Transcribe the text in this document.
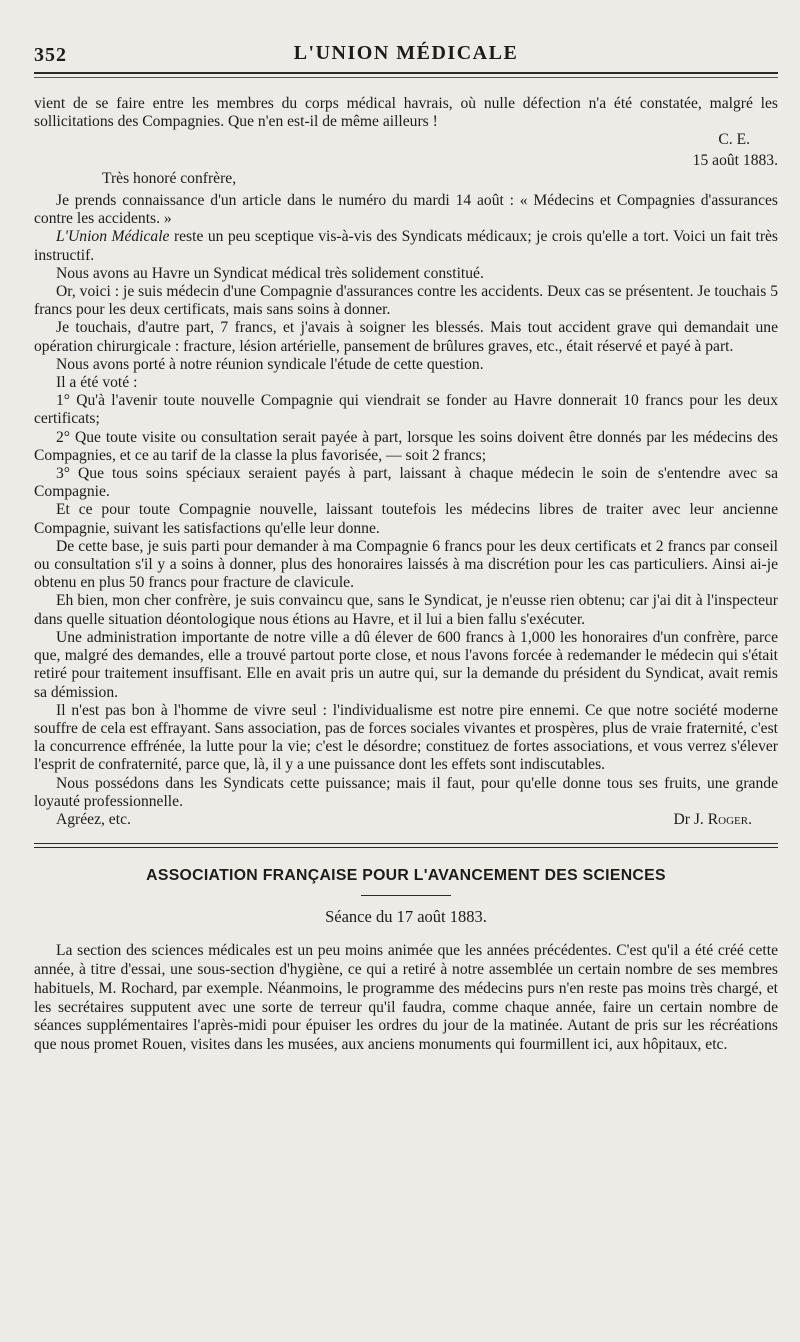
352	L'UNION MÉDICALE

vient de se faire entre les membres du corps médical havrais, où nulle défection n'a été constatée, malgré les sollicitations des Compagnies. Que n'en est-il de même ailleurs !

C. E.

15 août 1883.

Très honoré confrère,

Je prends connaissance d'un article dans le numéro du mardi 14 août : « Médecins et Compagnies d'assurances contre les accidents. »

L'Union Médicale reste un peu sceptique vis-à-vis des Syndicats médicaux; je crois qu'elle a tort. Voici un fait très instructif.

Nous avons au Havre un Syndicat médical très solidement constitué.

Or, voici : je suis médecin d'une Compagnie d'assurances contre les accidents. Deux cas se présentent. Je touchais 5 francs pour les deux certificats, mais sans soins à donner.

Je touchais, d'autre part, 7 francs, et j'avais à soigner les blessés. Mais tout accident grave qui demandait une opération chirurgicale : fracture, lésion artérielle, pansement de brûlures graves, etc., était réservé et payé à part.

Nous avons porté à notre réunion syndicale l'étude de cette question.

Il a été voté :

1° Qu'à l'avenir toute nouvelle Compagnie qui viendrait se fonder au Havre donnerait 10 francs pour les deux certificats;

2° Que toute visite ou consultation serait payée à part, lorsque les soins doivent être donnés par les médecins des Compagnies, et ce au tarif de la classe la plus favorisée, — soit 2 francs;

3° Que tous soins spéciaux seraient payés à part, laissant à chaque médecin le soin de s'entendre avec sa Compagnie.

Et ce pour toute Compagnie nouvelle, laissant toutefois les médecins libres de traiter avec leur ancienne Compagnie, suivant les satisfactions qu'elle leur donne.

De cette base, je suis parti pour demander à ma Compagnie 6 francs pour les deux certificats et 2 francs par conseil ou consultation s'il y a soins à donner, plus des honoraires laissés à ma discrétion pour les cas particuliers. Ainsi ai-je obtenu en plus 50 francs pour fracture de clavicule.

Eh bien, mon cher confrère, je suis convaincu que, sans le Syndicat, je n'eusse rien obtenu; car j'ai dit à l'inspecteur dans quelle situation déontologique nous étions au Havre, et il lui a bien fallu s'exécuter.

Une administration importante de notre ville a dû élever de 600 francs à 1,000 les honoraires d'un confrère, parce que, malgré des demandes, elle a trouvé partout porte close, et nous l'avons forcée à redemander le médecin qui s'était retiré pour traitement insuffisant. Elle en avait pris un autre qui, sur la demande du président du Syndicat, avait remis sa démission.

Il n'est pas bon à l'homme de vivre seul : l'individualisme est notre pire ennemi. Ce que notre société moderne souffre de cela est effrayant. Sans association, pas de forces sociales vivantes et prospères, plus de vraie fraternité, c'est la concurrence effrénée, la lutte pour la vie; c'est le désordre; constituez de fortes associations, et vous verrez s'élever l'esprit de confraternité, parce que, là, il y a une puissance dont les effets sont indiscutables.

Nous possédons dans les Syndicats cette puissance; mais il faut, pour qu'elle donne tous ses fruits, une grande loyauté professionnelle.

Agréez, etc.	Dr J. Roger.
ASSOCIATION FRANÇAISE POUR L'AVANCEMENT DES SCIENCES
Séance du 17 août 1883.

La section des sciences médicales est un peu moins animée que les années précédentes. C'est qu'il a été créé cette année, à titre d'essai, une sous-section d'hygiène, ce qui a retiré à notre assemblée un certain nombre de ses membres habituels, M. Rochard, par exemple. Néanmoins, le programme des médecins purs n'en reste pas moins très chargé, et les secrétaires supputent avec une sorte de terreur qu'il faudra, comme chaque année, faire un certain nombre de séances supplémentaires l'après-midi pour épuiser les ordres du jour de la matinée. Autant de pris sur les récréations que nous promet Rouen, visites dans les musées, aux anciens monuments qui fourmillent ici, aux hôpitaux, etc.
